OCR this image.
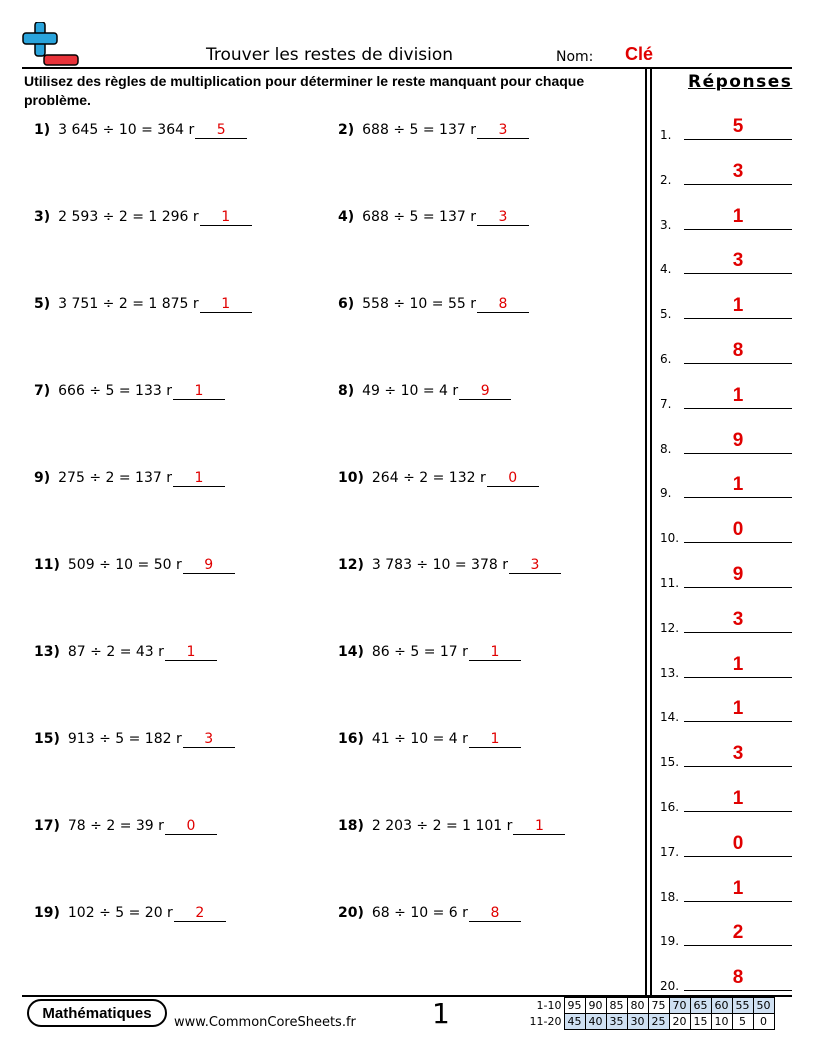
Trouver les restes de division	Nom: Clé
Utilisez des règles de multiplication pour déterminer le reste manquant pour chaque problème.
Réponses
1.	5
2.	3
3.	1
4.	3
5.	1
6.	8
7.	1
8.	9
9.	1
10.	0
11.	9
12.	3
13.	1
14.	1
15.	3
16.	1
17.	0
18.	1
19.	2
20.	8
1) 3 645 ÷ 10 = 364 r	5	2) 688 ÷ 5 = 137 r	3
3) 2 593 ÷ 2 = 1 296 r	1	4) 688 ÷ 5 = 137 r	3
5) 3 751 ÷ 2 = 1 875 r	1	6) 558 ÷ 10 = 55 r	8
7) 666 ÷ 5 = 133 r	1	8) 49 ÷ 10 = 4 r	9
9) 275 ÷ 2 = 137 r	1	10) 264 ÷ 2 = 132 r	0
11) 509 ÷ 10 = 50 r	9	12) 3 783 ÷ 10 = 378 r	3
13) 87 ÷ 2 = 43 r	1	14) 86 ÷ 5 = 17 r	1
15) 913 ÷ 5 = 182 r	3	16) 41 ÷ 10 = 4 r	1
17) 78 ÷ 2 = 39 r	0	18) 2 203 ÷ 2 = 1 101 r	1
19) 102 ÷ 5 = 20 r	2	20) 68 ÷ 10 = 6 r	8
Mathématiques
www.CommonCoreSheets.fr	1	1-10	95	90	85	80	75	70	65	60	55	50
11-20	45	40	35	30	25	20	15	10	5	0
